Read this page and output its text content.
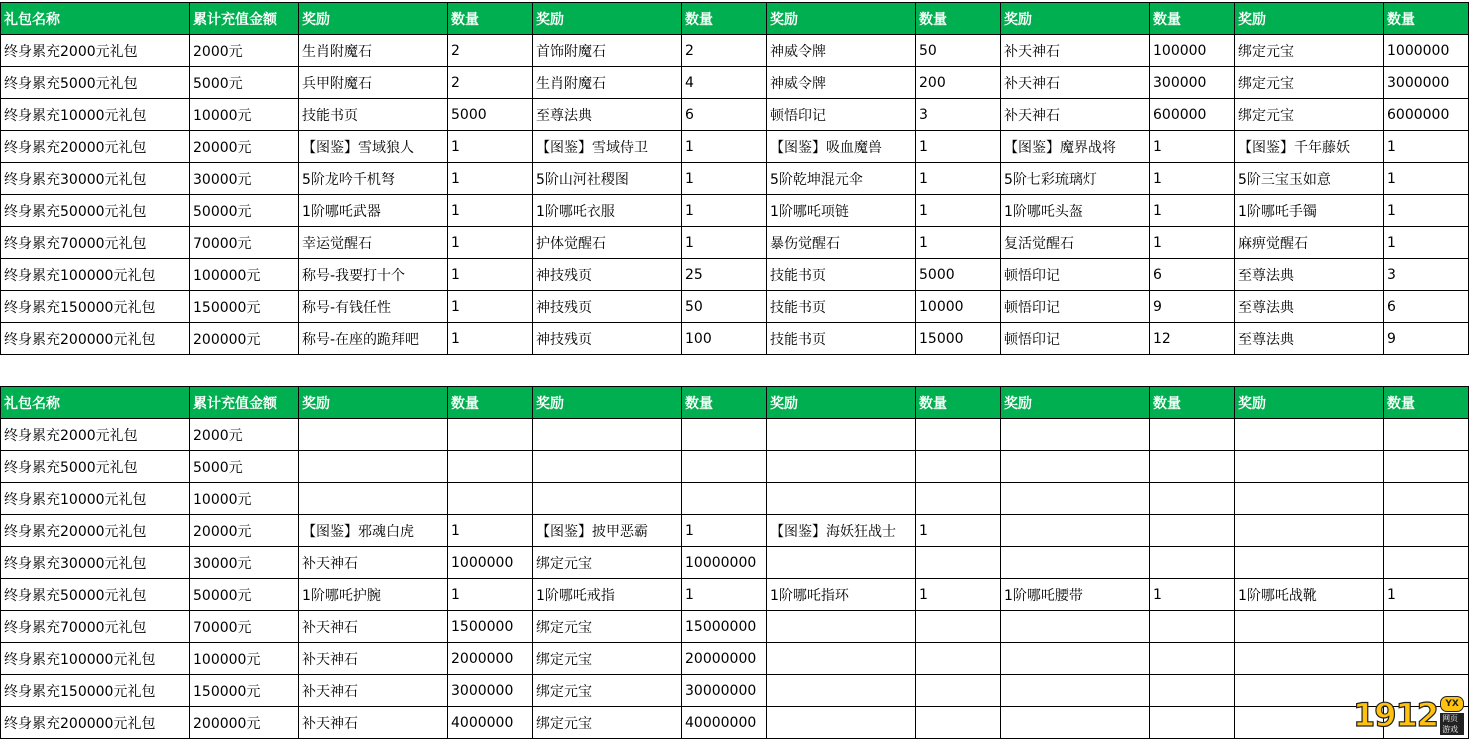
礼包名称	累计充值金额	奖励	数量	奖励	数量	奖励	数量	奖励	数量	奖励	数量
终身累充2000元礼包	2000元	生肖附魔石	2	首饰附魔石	2	神威令牌	50	补天神石	100000	绑定元宝	1000000
终身累充5000元礼包	5000元	兵甲附魔石	2	生肖附魔石	4	神威令牌	200	补天神石	300000	绑定元宝	3000000
终身累充10000元礼包	10000元	技能书页	5000	至尊法典	6	顿悟印记	3	补天神石	600000	绑定元宝	6000000
终身累充20000元礼包	20000元	【图鉴】雪域狼人	1	【图鉴】雪域侍卫	1	【图鉴】吸血魔兽	1	【图鉴】魔界战将	1	【图鉴】千年藤妖	1
终身累充30000元礼包	30000元	5阶龙吟千机弩	1	5阶山河社稷图	1	5阶乾坤混元伞	1	5阶七彩琉璃灯	1	5阶三宝玉如意	1
终身累充50000元礼包	50000元	1阶哪吒武器	1	1阶哪吒衣服	1	1阶哪吒项链	1	1阶哪吒头盔	1	1阶哪吒手镯	1
终身累充70000元礼包	70000元	幸运觉醒石	1	护体觉醒石	1	暴伤觉醒石	1	复活觉醒石	1	麻痹觉醒石	1
终身累充100000元礼包	100000元	称号-我要打十个	1	神技残页	25	技能书页	5000	顿悟印记	6	至尊法典	3
终身累充150000元礼包	150000元	称号-有钱任性	1	神技残页	50	技能书页	10000	顿悟印记	9	至尊法典	6
终身累充200000元礼包	200000元	称号-在座的跪拜吧	1	神技残页	100	技能书页	15000	顿悟印记	12	至尊法典	9
礼包名称	累计充值金额	奖励	数量	奖励	数量	奖励	数量	奖励	数量	奖励	数量
终身累充2000元礼包	2000元										
终身累充5000元礼包	5000元										
终身累充10000元礼包	10000元										
终身累充20000元礼包	20000元	【图鉴】邪魂白虎	1	【图鉴】披甲恶霸	1	【图鉴】海妖狂战士	1				
终身累充30000元礼包	30000元	补天神石	1000000	绑定元宝	10000000						
终身累充50000元礼包	50000元	1阶哪吒护腕	1	1阶哪吒戒指	1	1阶哪吒指环	1	1阶哪吒腰带	1	1阶哪吒战靴	1
终身累充70000元礼包	70000元	补天神石	1500000	绑定元宝	15000000						
终身累充100000元礼包	100000元	补天神石	2000000	绑定元宝	20000000						
终身累充150000元礼包	150000元	补天神石	3000000	绑定元宝	30000000						
终身累充200000元礼包	200000元	补天神石	4000000	绑定元宝	40000000							1912 YX
网页游戏
